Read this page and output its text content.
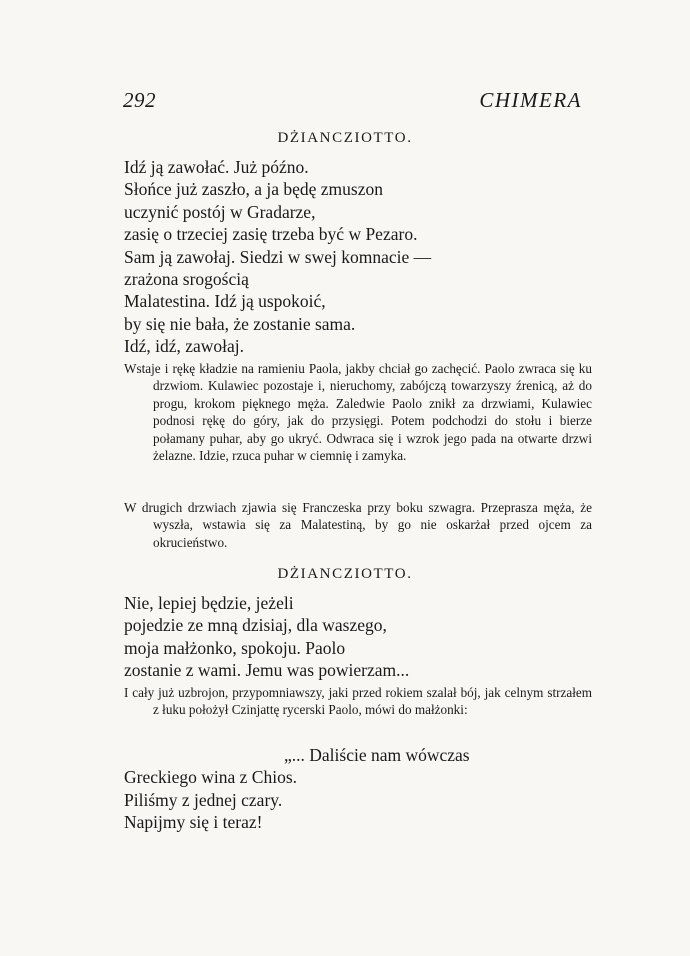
292	CHIMERA
DŻIANCZIOTTO.
Idź ją zawołać. Już późno.
Słońce już zaszło, a ja będę zmuszon
uczynić postój w Gradarze,
zasię o trzeciej zasię trzeba być w Pezaro.
Sam ją zawołaj. Siedzi w swej komnacie —
zrażona srogością
Malatestina. Idź ją uspokoić,
by się nie bała, że zostanie sama.
Idź, idź, zawołaj.

Wstaje i rękę kładzie na ramieniu Paola, jakby chciał go zachęcić. Paolo zwraca się ku drzwiom. Kulawiec pozostaje i, nieruchomy, zabójczą towarzyszy źrenicą, aż do progu, krokom pięknego męża. Zaledwie Paolo znikł za drzwiami, Kulawiec podnosi rękę do góry, jak do przysięgi. Potem podchodzi do stołu i bierze połamany puhar, aby go ukryć. Odwraca się i wzrok jego pada na otwarte drzwi żelazne. Idzie, rzuca puhar w ciemnię i zamyka.

W drugich drzwiach zjawia się Franczeska przy boku szwagra. Przeprasza męża, że wyszła, wstawia się za Malatestiną, by go nie oskarżał przed ojcem za okrucieństwo.

DŻIANCZIOTTO.
Nie, lepiej będzie, jeżeli
pojedzie ze mną dzisiaj, dla waszego,
moja małżonko, spokoju. Paolo
zostanie z wami. Jemu was powierzam...

I cały już uzbrojon, przypomniawszy, jaki przed rokiem szalał bój, jak celnym strzałem z łuku położył Czinjattę rycerski Paolo, mówi do małżonki:

„... Daliście nam wówczas
Greckiego wina z Chios.
Piliśmy z jednej czary.
Napijmy się i teraz!
